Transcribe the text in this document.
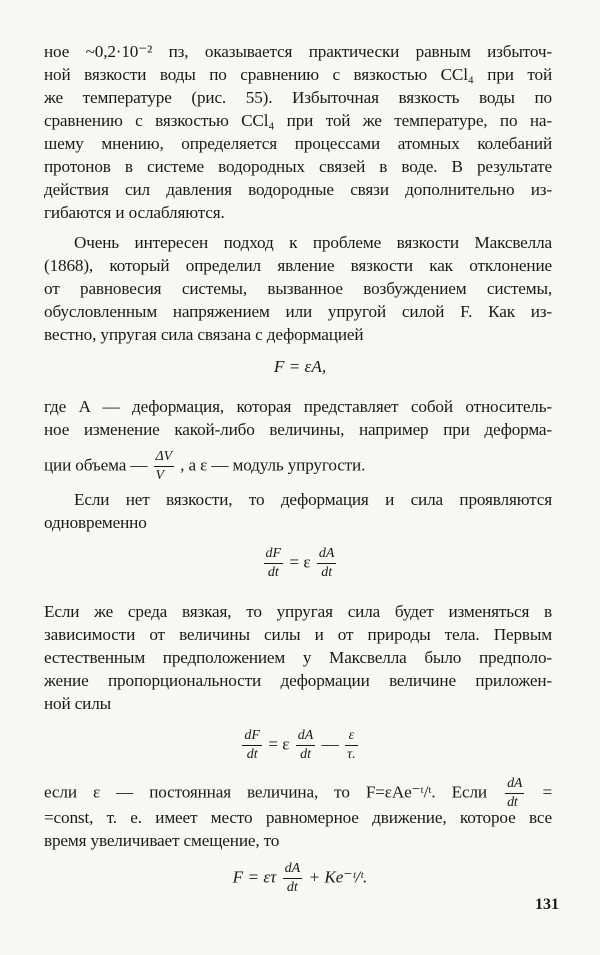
ное ~0,2·10⁻² пз, оказывается практически равным избыточ-
ной вязкости воды по сравнению с вязкостью CCl₄ при той
же температуре (рис. 55). Избыточная вязкость воды по
сравнению с вязкостью CCl₄ при той же температуре, по на-
шему мнению, определяется процессами атомных колебаний
протонов в системе водородных связей в воде. В результате
действия сил давления водородные связи дополнительно из-
гибаются и ослабляются.
Очень интересен подход к проблеме вязкости Максвелла
(1868), который определил явление вязкости как отклонение
от равновесия системы, вызванное возбуждением системы,
обусловленным напряжением или упругой силой F. Как из-
вестно, упругая сила связана с деформацией
F = εA,
где A — деформация, которая представляет собой относитель-
ное изменение какой-либо величины, например при деформа-
ции объема — $\frac{\Delta V}{V}$ , а ε — модуль упругости.
Если нет вязкости, то деформация и сила проявляются
одновременно
$\frac{dF}{dt} = \varepsilon \frac{dA}{dt}$
Если же среда вязкая, то упругая сила будет изменяться в
зависимости от величины силы и от природы тела. Первым
естественным предположением у Максвелла было предполо-
жение пропорциональности деформации величине приложен-
ной силы
$\frac{dF}{dt} = \varepsilon \frac{dA}{dt}$ — $\frac{\varepsilon}{\tau.}$
если ε — постоянная величина, то F=εAe⁻ᵗ/ᵗ. Если $\frac{dA}{dt}$ =
=const, т. е. имеет место равномерное движение, которое все
время увеличивает смещение, то
F = ετ $\frac{dA}{dt}$ + Ke⁻ᵗ/ᵗ.
131
